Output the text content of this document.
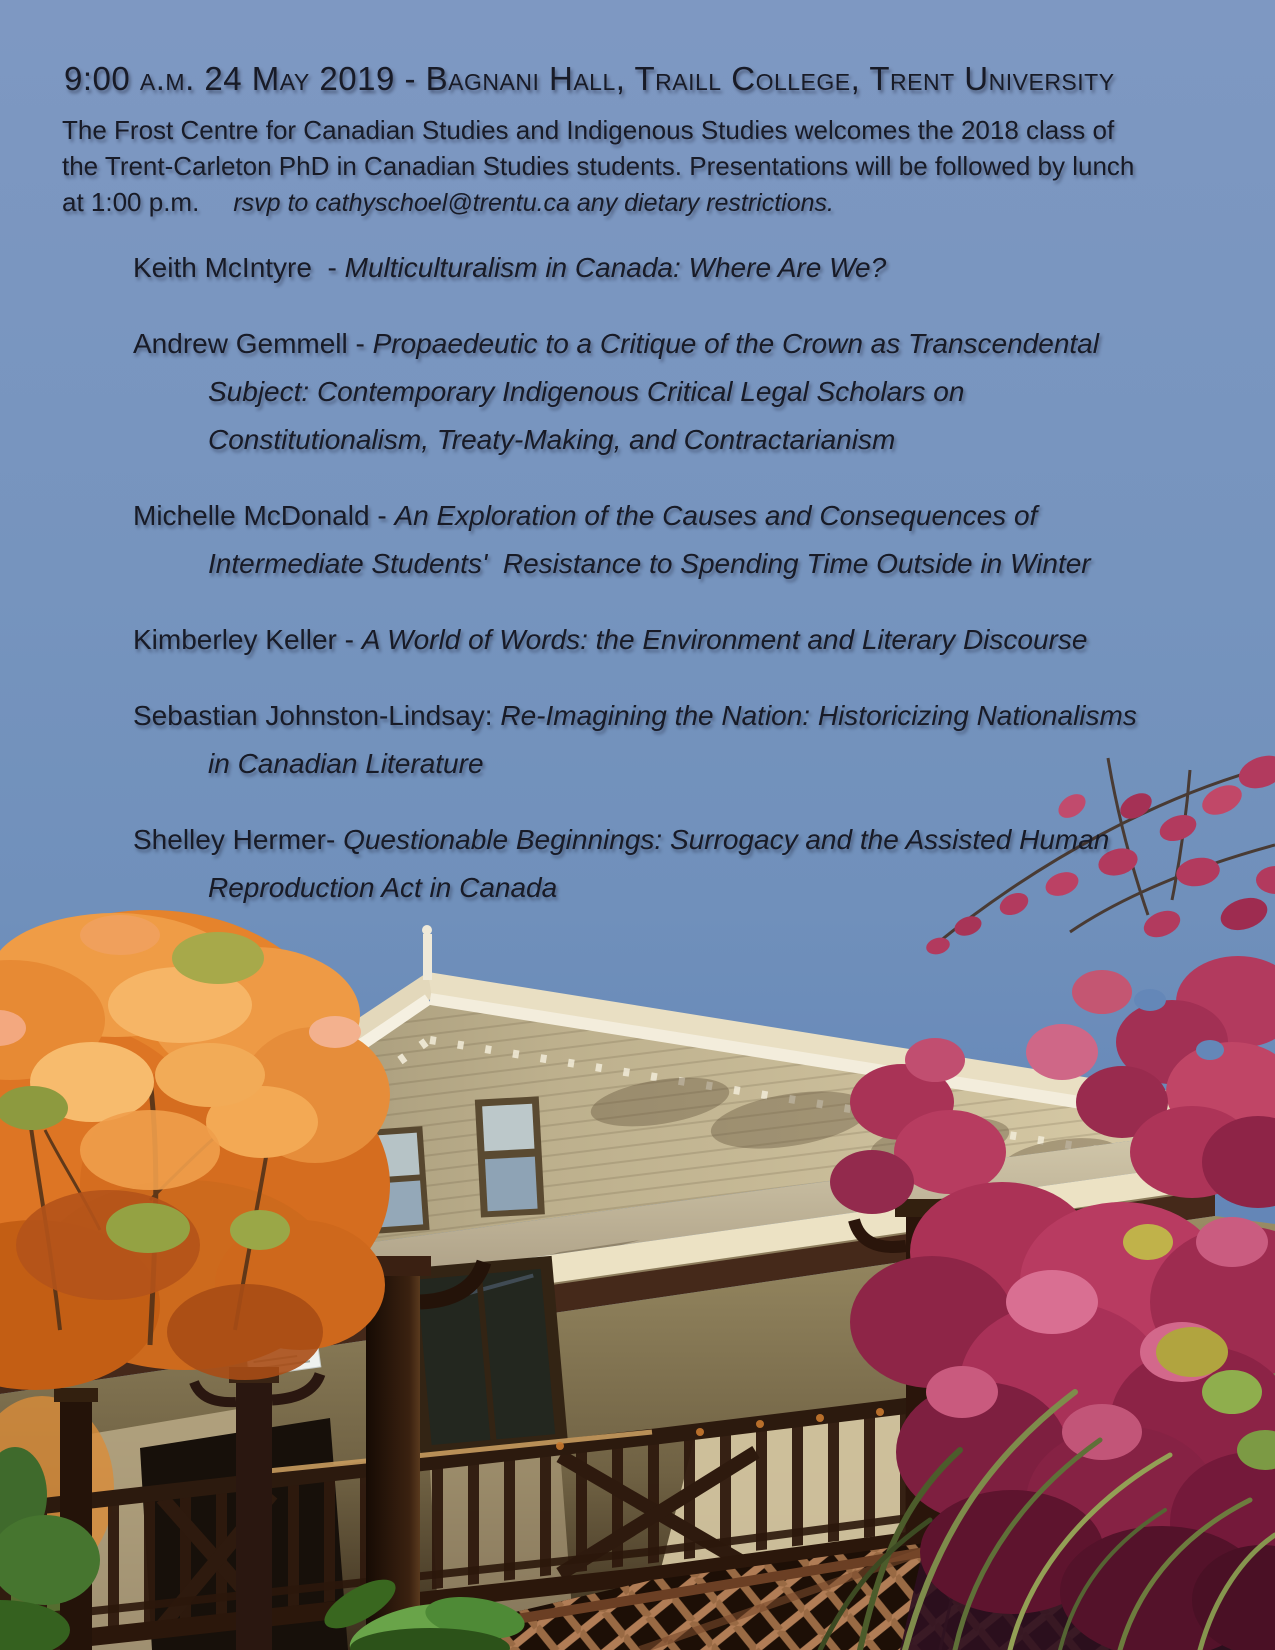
9:00 a.m. 24 May 2019 - Bagnani Hall, Traill College, Trent University
The Frost Centre for Canadian Studies and Indigenous Studies welcomes the 2018 class of the Trent-Carleton PhD in Canadian Studies students. Presentations will be followed by lunch at 1:00 p.m. rsvp to cathyschoel@trentu.ca any dietary restrictions.
Keith McIntyre  - Multiculturalism in Canada: Where Are We?
Andrew Gemmell - Propaedeutic to a Critique of the Crown as Transcendental Subject: Contemporary Indigenous Critical Legal Scholars on Constitutionalism, Treaty-Making, and Contractarianism
Michelle McDonald - An Exploration of the Causes and Consequences of Intermediate Students'  Resistance to Spending Time Outside in Winter
Kimberley Keller - A World of Words: the Environment and Literary Discourse
Sebastian Johnston-Lindsay: Re-Imagining the Nation: Historicizing Nationalisms in Canadian Literature
Shelley Hermer- Questionable Beginnings: Surrogacy and the Assisted Human Reproduction Act in Canada
